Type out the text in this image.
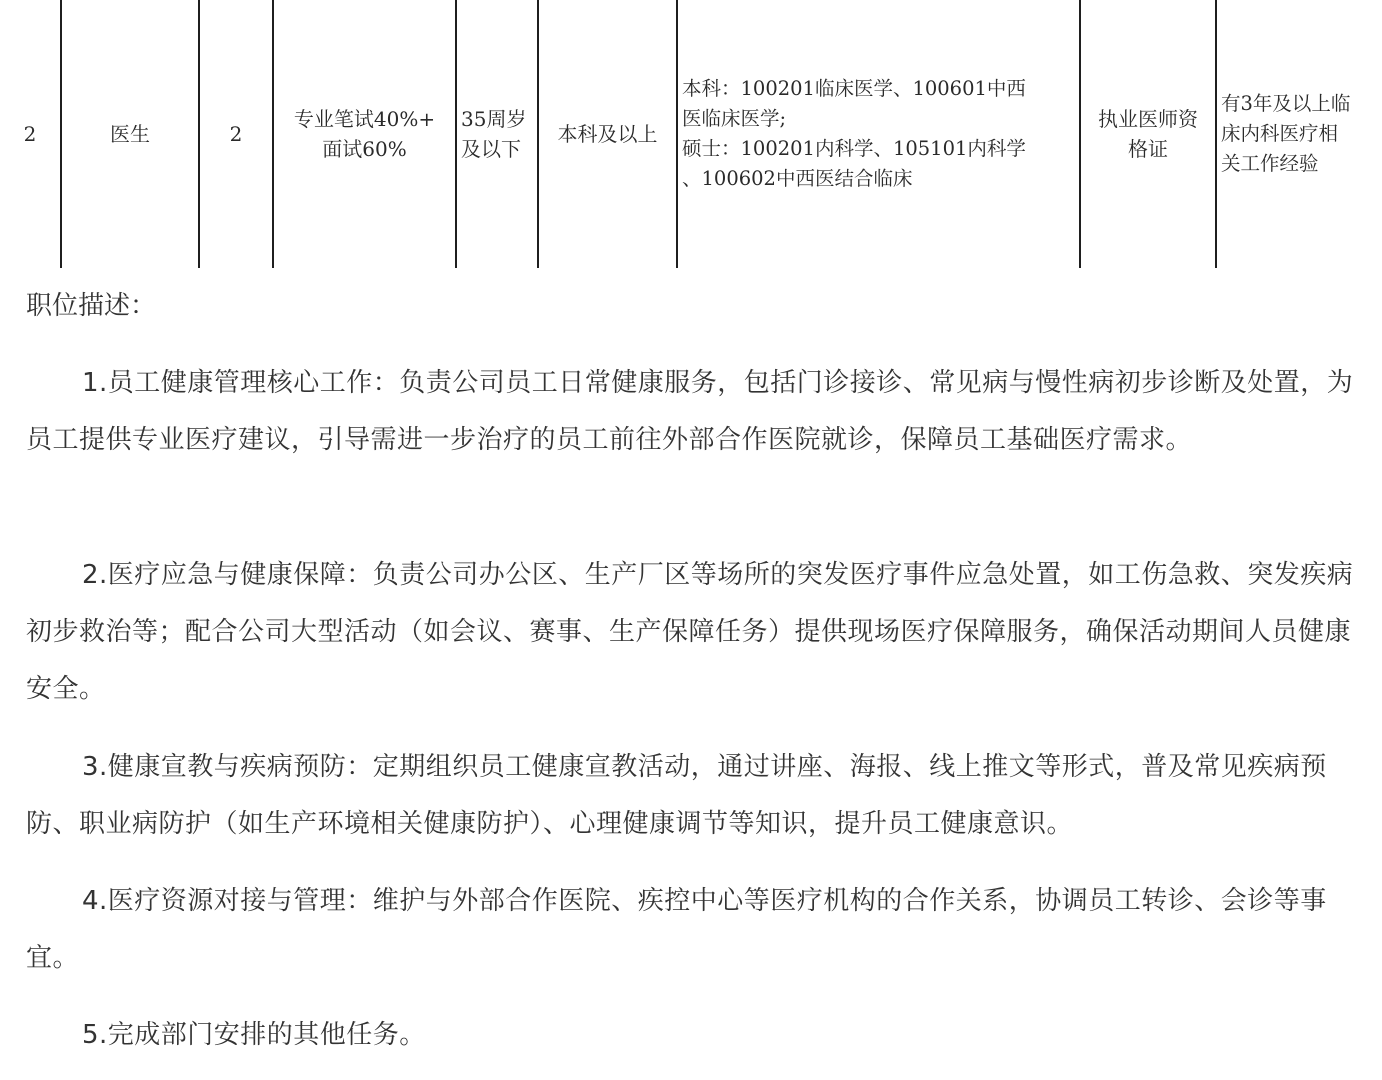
2	医生	2
专业笔试40%+
面试60%
35周岁
及以下
本科及以上
本科：100201临床医学、100601中西
医临床医学;
硕士：100201内科学、105101内科学
、100602中西医结合临床
执业医师资
格证
有3年及以上临
床内科医疗相
关工作经验

职位描述：

1.员工健康管理核心工作：负责公司员工日常健康服务，包括门诊接诊、常见病与慢性病初步诊断及处置，为员工提供专业医疗建议，引导需进一步治疗的员工前往外部合作医院就诊，保障员工基础医疗需求。

2.医疗应急与健康保障：负责公司办公区、生产厂区等场所的突发医疗事件应急处置，如工伤急救、突发疾病初步救治等；配合公司大型活动（如会议、赛事、生产保障任务）提供现场医疗保障服务，确保活动期间人员健康安全。

3.健康宣教与疾病预防：定期组织员工健康宣教活动，通过讲座、海报、线上推文等形式，普及常见疾病预防、职业病防护（如生产环境相关健康防护）、心理健康调节等知识，提升员工健康意识。

4.医疗资源对接与管理：维护与外部合作医院、疾控中心等医疗机构的合作关系，协调员工转诊、会诊等事宜。

5.完成部门安排的其他任务。
